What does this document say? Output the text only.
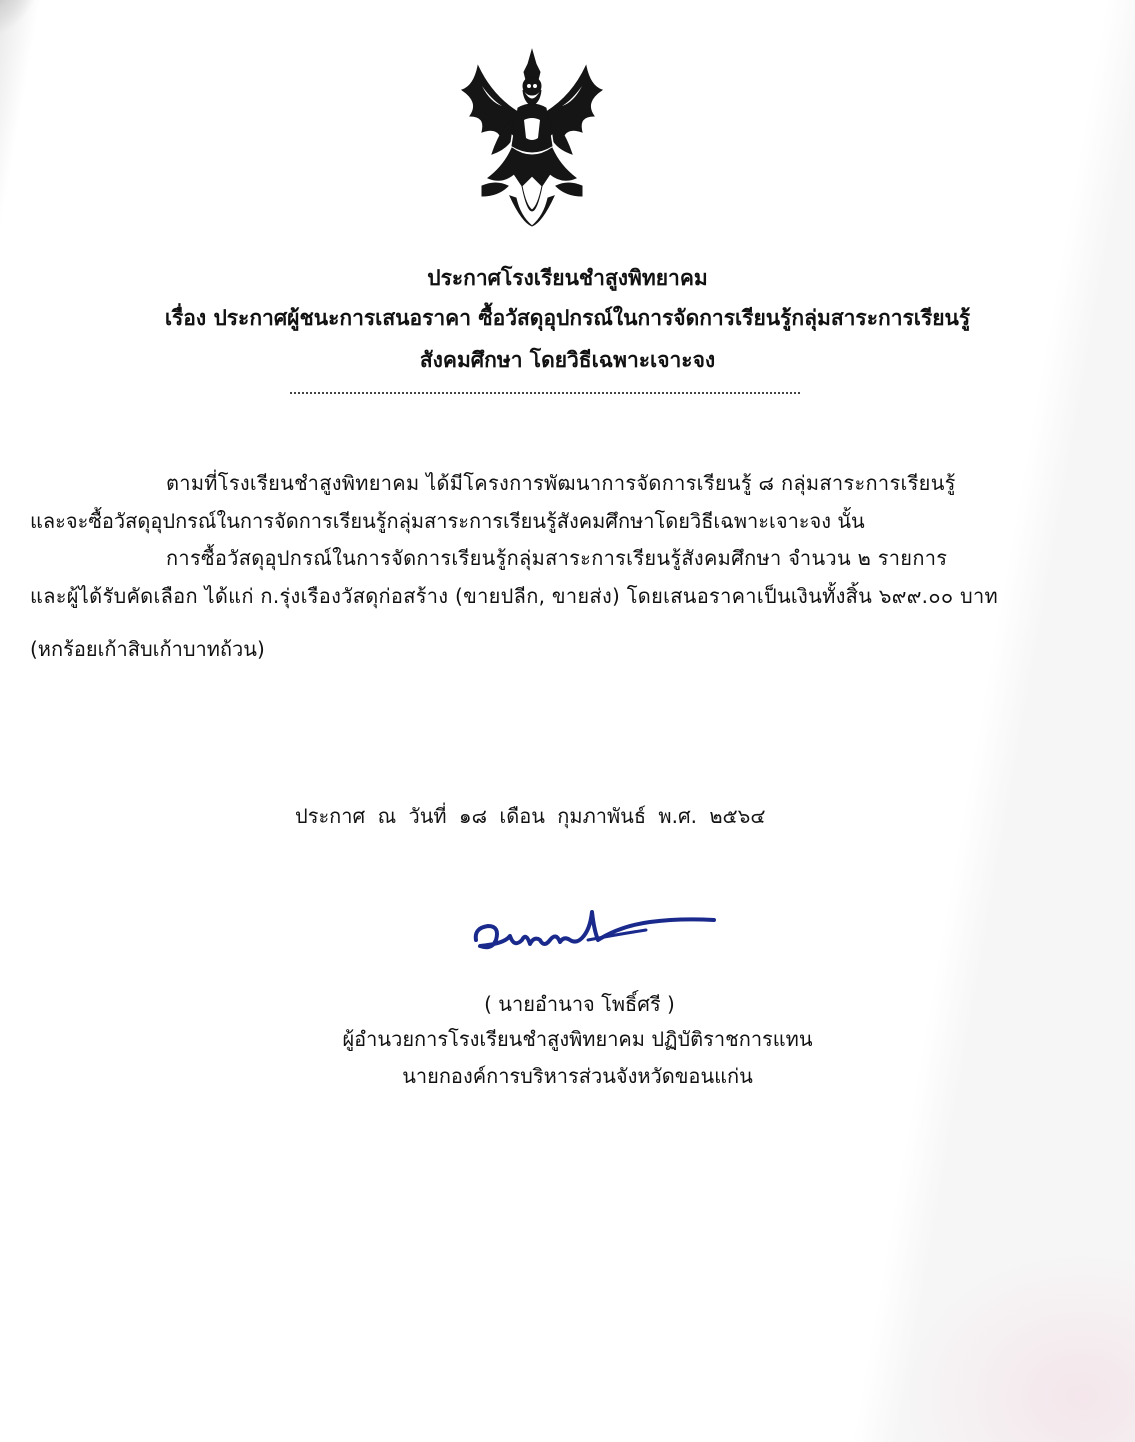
ประกาศโรงเรียนชำสูงพิทยาคม
เรื่อง ประกาศผู้ชนะการเสนอราคา ซื้อวัสดุอุปกรณ์ในการจัดการเรียนรู้กลุ่มสาระการเรียนรู้
สังคมศึกษา โดยวิธีเฉพาะเจาะจง
ตามที่โรงเรียนชำสูงพิทยาคม ได้มีโครงการพัฒนาการจัดการเรียนรู้ ๘ กลุ่มสาระการเรียนรู้
และจะซื้อวัสดุอุปกรณ์ในการจัดการเรียนรู้กลุ่มสาระการเรียนรู้สังคมศึกษาโดยวิธีเฉพาะเจาะจง นั้น
การซื้อวัสดุอุปกรณ์ในการจัดการเรียนรู้กลุ่มสาระการเรียนรู้สังคมศึกษา จำนวน ๒ รายการ
และผู้ได้รับคัดเลือก ได้แก่ ก.รุ่งเรืองวัสดุก่อสร้าง (ขายปลีก, ขายส่ง) โดยเสนอราคาเป็นเงินทั้งสิ้น ๖๙๙.๐๐ บาท
(หกร้อยเก้าสิบเก้าบาทถ้วน)
ประกาศ ณ วันที่ ๑๘ เดือน กุมภาพันธ์ พ.ศ. ๒๕๖๔
( นายอำนาจ โพธิ์ศรี )
ผู้อำนวยการโรงเรียนชำสูงพิทยาคม ปฏิบัติราชการแทน
นายกองค์การบริหารส่วนจังหวัดขอนแก่น
